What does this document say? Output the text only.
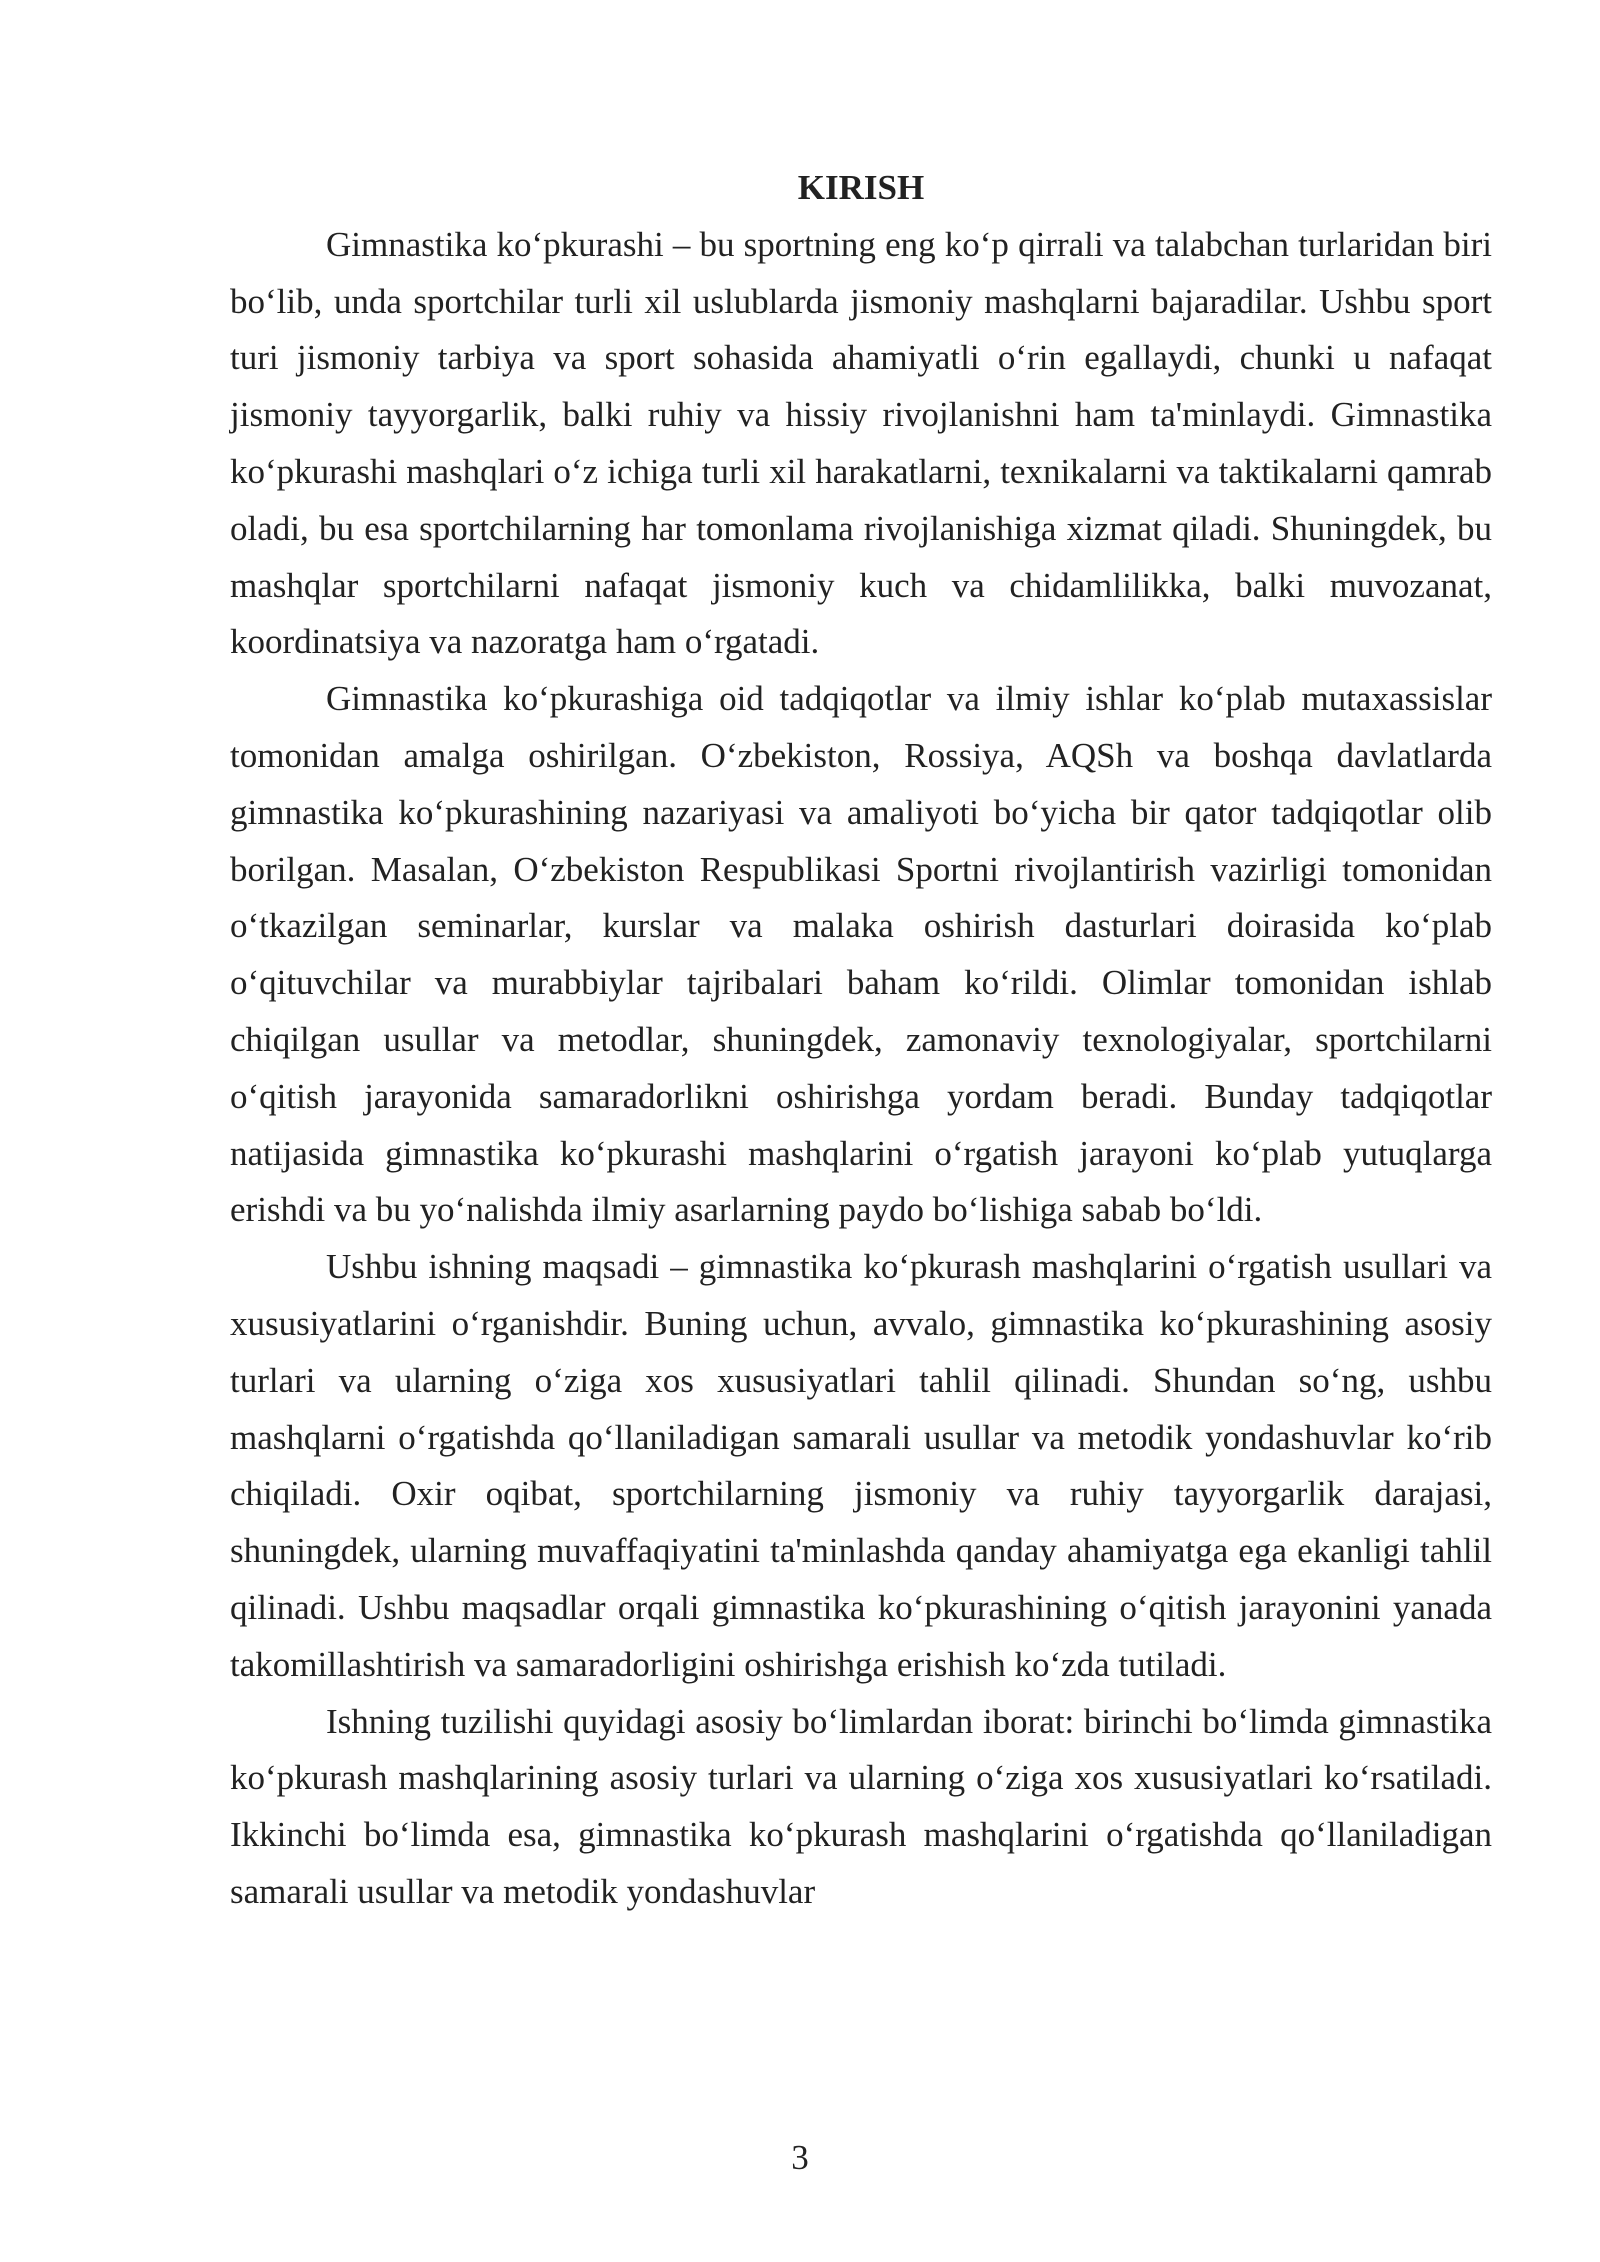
KIRISH

Gimnastika ko‘pkurashi – bu sportning eng ko‘p qirrali va talabchan turlaridan biri bo‘lib, unda sportchilar turli xil uslublarda jismoniy mashqlarni bajaradilar. Ushbu sport turi jismoniy tarbiya va sport sohasida ahamiyatli o‘rin egallaydi, chunki u nafaqat jismoniy tayyorgarlik, balki ruhiy va hissiy rivojlanishni ham ta'minlaydi. Gimnastika ko‘pkurashi mashqlari o‘z ichiga turli xil harakatlarni, texnikalarni va taktikalarni qamrab oladi, bu esa sportchilarning har tomonlama rivojlanishiga xizmat qiladi. Shuningdek, bu mashqlar sportchilarni nafaqat jismoniy kuch va chidamlilikka, balki muvozanat, koordinatsiya va nazoratga ham o‘rgatadi.

Gimnastika ko‘pkurashiga oid tadqiqotlar va ilmiy ishlar ko‘plab mutaxassislar tomonidan amalga oshirilgan. O‘zbekiston, Rossiya, AQSh va boshqa davlatlarda gimnastika ko‘pkurashining nazariyasi va amaliyoti bo‘yicha bir qator tadqiqotlar olib borilgan. Masalan, O‘zbekiston Respublikasi Sportni rivojlantirish vazirligi tomonidan o‘tkazilgan seminarlar, kurslar va malaka oshirish dasturlari doirasida ko‘plab o‘qituvchilar va murabbiylar tajribalari baham ko‘rildi. Olimlar tomonidan ishlab chiqilgan usullar va metodlar, shuningdek, zamonaviy texnologiyalar, sportchilarni o‘qitish jarayonida samaradorlikni oshirishga yordam beradi. Bunday tadqiqotlar natijasida gimnastika ko‘pkurashi mashqlarini o‘rgatish jarayoni ko‘plab yutuqlarga erishdi va bu yo‘nalishda ilmiy asarlarning paydo bo‘lishiga sabab bo‘ldi.

Ushbu ishning maqsadi – gimnastika ko‘pkurash mashqlarini o‘rgatish usullari va xususiyatlarini o‘rganishdir. Buning uchun, avvalo, gimnastika ko‘pkurashining asosiy turlari va ularning o‘ziga xos xususiyatlari tahlil qilinadi. Shundan so‘ng, ushbu mashqlarni o‘rgatishda qo‘llaniladigan samarali usullar va metodik yondashuvlar ko‘rib chiqiladi. Oxir oqibat, sportchilarning jismoniy va ruhiy tayyorgarlik darajasi, shuningdek, ularning muvaffaqiyatini ta'minlashda qanday ahamiyatga ega ekanligi tahlil qilinadi. Ushbu maqsadlar orqali gimnastika ko‘pkurashining o‘qitish jarayonini yanada takomillashtirish va samaradorligini oshirishga erishish ko‘zda tutiladi.

Ishning tuzilishi quyidagi asosiy bo‘limlardan iborat: birinchi bo‘limda gimnastika ko‘pkurash mashqlarining asosiy turlari va ularning o‘ziga xos xususiyatlari ko‘rsatiladi. Ikkinchi bo‘limda esa, gimnastika ko‘pkurash mashqlarini o‘rgatishda qo‘llaniladigan samarali usullar va metodik yondashuvlar

3
